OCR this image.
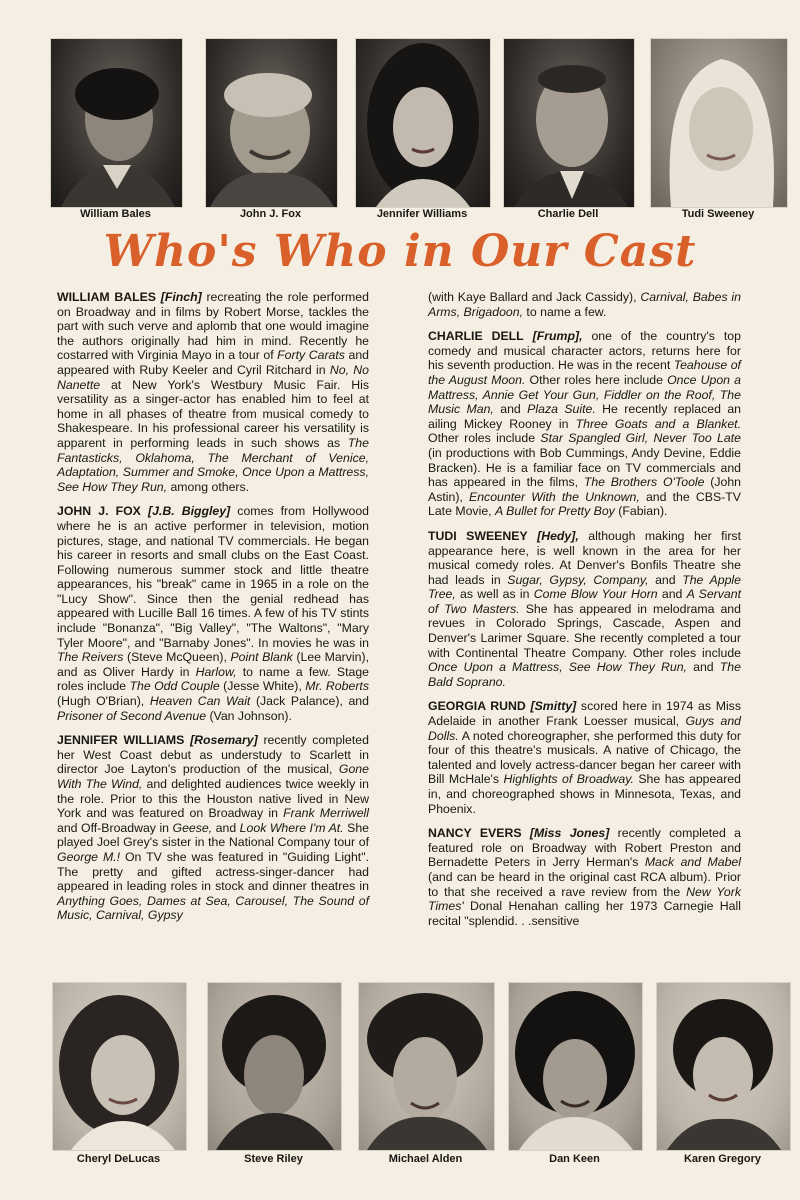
William Bales	John J. Fox	Jennifer Williams	Charlie Dell	Tudi Sweeney
Who's Who in Our Cast

WILLIAM BALES [Finch] recreating the role performed on Broadway and in films by Robert Morse, tackles the part with such verve and aplomb that one would imagine the authors originally had him in mind. Recently he costarred with Virginia Mayo in a tour of Forty Carats and appeared with Ruby Keeler and Cyril Ritchard in No, No Nanette at New York's Westbury Music Fair. His versatility as a singer-actor has enabled him to feel at home in all phases of theatre from musical comedy to Shakespeare. In his professional career his versatility is apparent in performing leads in such shows as The Fantasticks, Oklahoma, The Merchant of Venice, Adaptation, Summer and Smoke, Once Upon a Mattress, See How They Run, among others.

JOHN J. FOX [J.B. Biggley] comes from Hollywood where he is an active performer in television, motion pictures, stage, and national TV commercials. He began his career in resorts and small clubs on the East Coast. Following numerous summer stock and little theatre appearances, his "break" came in 1965 in a role on the "Lucy Show". Since then the genial redhead has appeared with Lucille Ball 16 times. A few of his TV stints include "Bonanza", "Big Valley", "The Waltons", "Mary Tyler Moore", and "Barnaby Jones". In movies he was in The Reivers (Steve McQueen), Point Blank (Lee Marvin), and as Oliver Hardy in Harlow, to name a few. Stage roles include The Odd Couple (Jesse White), Mr. Roberts (Hugh O'Brian), Heaven Can Wait (Jack Palance), and Prisoner of Second Avenue (Van Johnson).

JENNIFER WILLIAMS [Rosemary] recently completed her West Coast debut as understudy to Scarlett in director Joe Layton's production of the musical, Gone With The Wind, and delighted audiences twice weekly in the role. Prior to this the Houston native lived in New York and was featured on Broadway in Frank Merriwell and Off-Broadway in Geese, and Look Where I'm At. She played Joel Grey's sister in the National Company tour of George M.! On TV she was featured in "Guiding Light". The pretty and gifted actress-singer-dancer had appeared in leading roles in stock and dinner theatres in Anything Goes, Dames at Sea, Carousel, The Sound of Music, Carnival, Gypsy

(with Kaye Ballard and Jack Cassidy), Carnival, Babes in Arms, Brigadoon, to name a few.

CHARLIE DELL [Frump], one of the country's top comedy and musical character actors, returns here for his seventh production. He was in the recent Teahouse of the August Moon. Other roles here include Once Upon a Mattress, Annie Get Your Gun, Fiddler on the Roof, The Music Man, and Plaza Suite. He recently replaced an ailing Mickey Rooney in Three Goats and a Blanket. Other roles include Star Spangled Girl, Never Too Late (in productions with Bob Cummings, Andy Devine, Eddie Bracken). He is a familiar face on TV commercials and has appeared in the films, The Brothers O'Toole (John Astin), Encounter With the Unknown, and the CBS-TV Late Movie, A Bullet for Pretty Boy (Fabian).

TUDI SWEENEY [Hedy], although making her first appearance here, is well known in the area for her musical comedy roles. At Denver's Bonfils Theatre she had leads in Sugar, Gypsy, Company, and The Apple Tree, as well as in Come Blow Your Horn and A Servant of Two Masters. She has appeared in melodrama and revues in Colorado Springs, Cascade, Aspen and Denver's Larimer Square. She recently completed a tour with Continental Theatre Company. Other roles include Once Upon a Mattress, See How They Run, and The Bald Soprano.

GEORGIA RUND [Smitty] scored here in 1974 as Miss Adelaide in another Frank Loesser musical, Guys and Dolls. A noted choreographer, she performed this duty for four of this theatre's musicals. A native of Chicago, the talented and lovely actress-dancer began her career with Bill McHale's Highlights of Broadway. She has appeared in, and choreographed shows in Minnesota, Texas, and Phoenix.

NANCY EVERS [Miss Jones] recently completed a featured role on Broadway with Robert Preston and Bernadette Peters in Jerry Herman's Mack and Mabel (and can be heard in the original cast RCA album). Prior to that she received a rave review from the New York Times' Donal Henahan calling her 1973 Carnegie Hall recital "splendid. . .sensitive

Cheryl DeLucas	Steve Riley	Michael Alden	Dan Keen	Karen Gregory
